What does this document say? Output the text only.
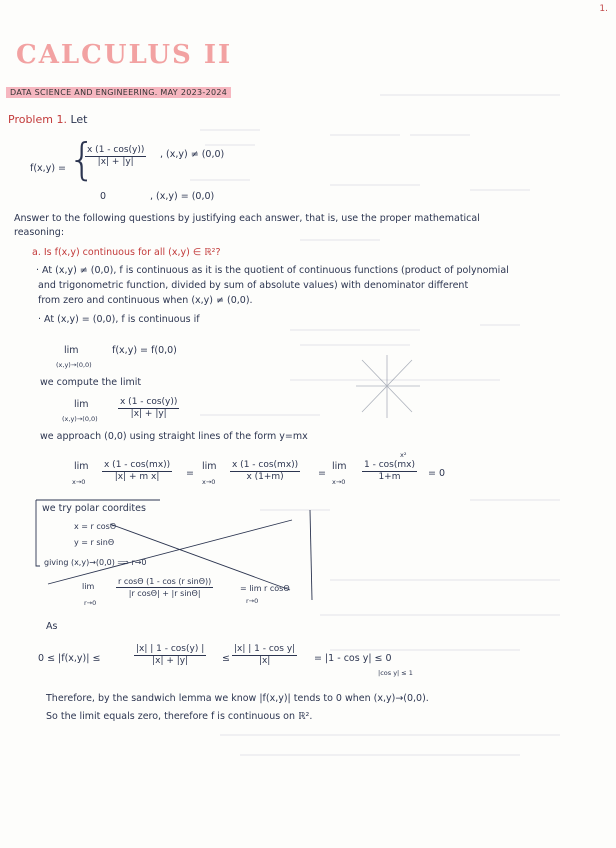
1.
CALCULUS II
DATA SCIENCE AND ENGINEERING. MAY 2023-2024
Problem 1. Let
f(x,y) = {
$\frac{x (1 - \cos(y))}{|x| + |y|}$ , (x,y) ≠ (0,0)
0	, (x,y) = (0,0)
Answer to the following questions by justifying each answer, that is, use the proper mathematical
reasoning:
a. Is f(x,y) continuous for all (x,y) ∈ ℝ²?
· At (x,y) ≠ (0,0), f is continuous as it is the quotient of continuous functions (product of polynomial
and trigonometric function, divided by sum of absolute values) with denominator different
from zero and continuous when (x,y) ≠ (0,0).
· At (x,y) = (0,0), f is continuous if
lim
(x,y)→(0,0)
f(x,y) = f(0,0)
we compute the limit
lim
$(x,y)\to(0,0) \frac{x (1 - \cos(y))}{|x| + |y|}$
we approach (0,0) using straight lines of the form y=mx
lim
$x\to 0 \frac{x (1 - \cos(mx))}{\text{|x| + m x|}}$ =
lim
$x\to 0 \frac{x (1 - \cos(mx))}{x (1+m)}$ =
lim
x→0
x²
$\frac{1 - \cos(mx)}{1+m} = 0$
we try polar coordites
x = r cosΘ
y = r sinΘ
giving (x,y)→(0,0) ⟹ r→0
lim
r→0
$\frac{\text{r cosΘ (1 - cos (r sinΘ))}}{\text{|r cosΘ| + |r sinΘ|}}$	= lim r cosΘ
r→0
As
0 ≤ |f(x,y)| ≤	$\frac{|x| | 1 - \cos(y) |}{|x| + |y|} \le \frac{\text{|x| | 1 - cos y|}}{|x|} = |1 - \cos y| \le 0$
|cos y| ≤ 1
Therefore, by the sandwich lemma we know |f(x,y)| tends to 0 when (x,y)→(0,0).
So the limit equals zero, therefore f is continuous on ℝ².
